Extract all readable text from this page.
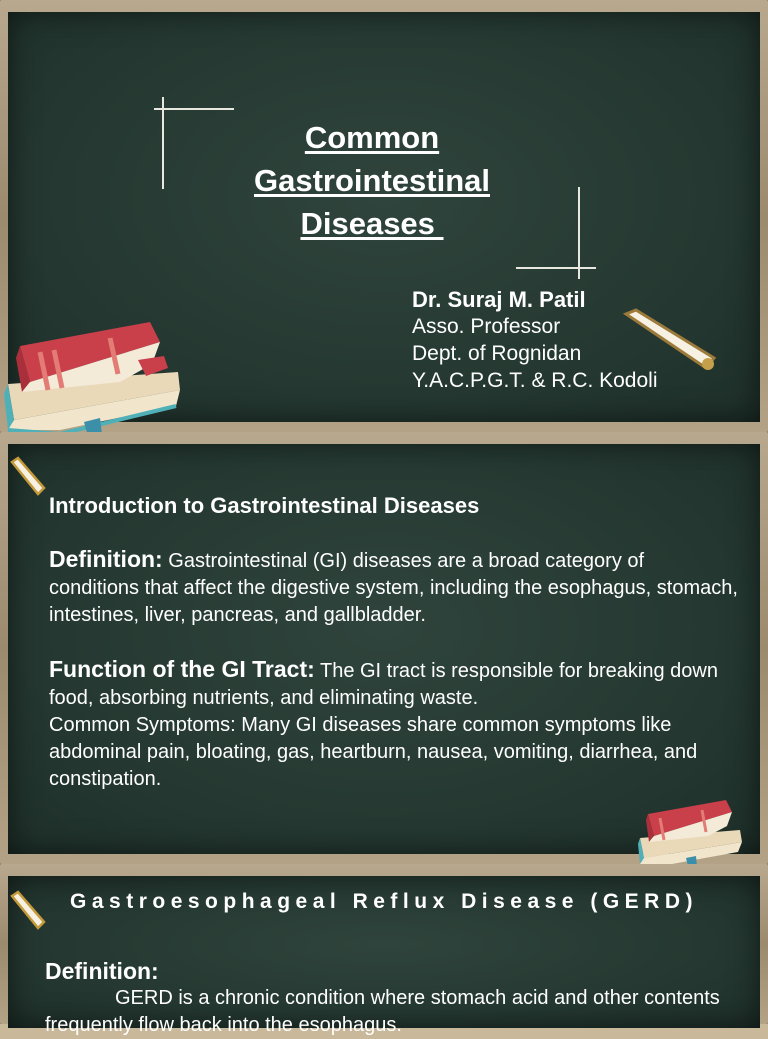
Common
Gastrointestinal
Diseases
Dr. Suraj M. Patil
Asso. Professor
Dept. of Rognidan
Y.A.C.P.G.T. & R.C. Kodoli
Introduction to Gastrointestinal Diseases
Definition: Gastrointestinal (GI) diseases are a broad category of conditions that affect the digestive system, including the esophagus, stomach, intestines, liver, pancreas, and gallbladder.
Function of the GI Tract: The GI tract is responsible for breaking down food, absorbing nutrients, and eliminating waste.
Common Symptoms: Many GI diseases share common symptoms like abdominal pain, bloating, gas, heartburn, nausea, vomiting, diarrhea, and constipation.
Gastroesophageal Reflux Disease (GERD)
Definition:
GERD is a chronic condition where stomach acid and other contents frequently flow back into the esophagus.
